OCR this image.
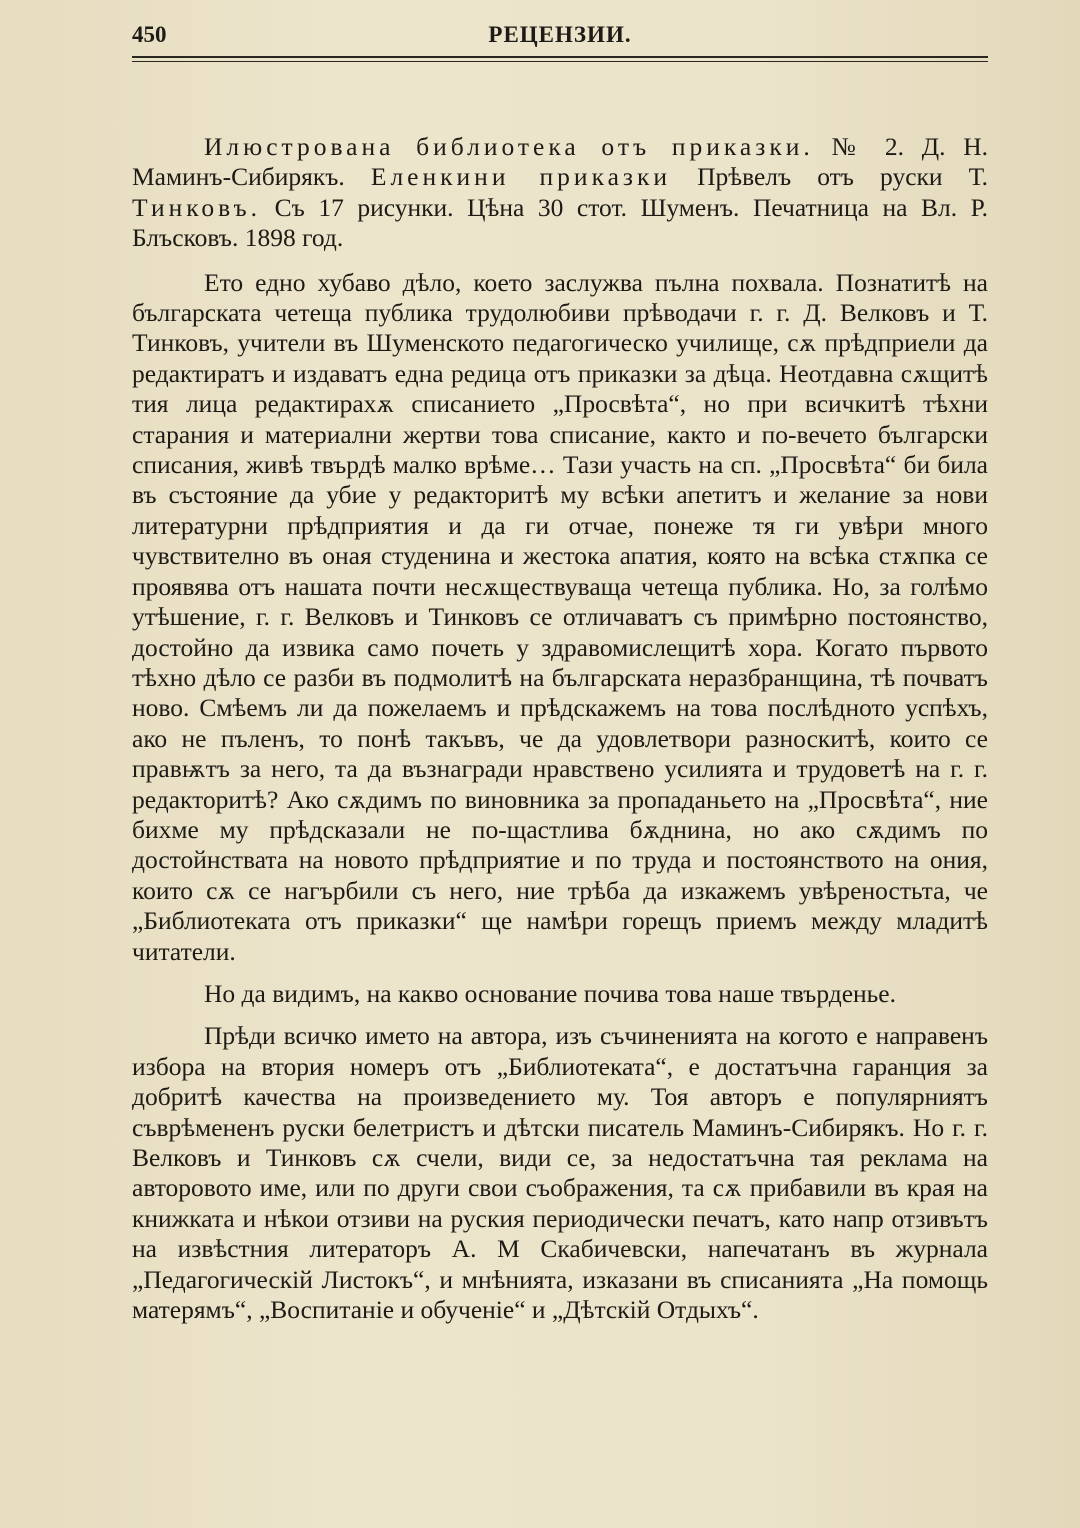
450	РЕЦЕНЗИИ.

Илюстрована библиотека отъ приказки. № 2. Д. Н. Маминъ-Сибирякъ. Еленкини приказки Прѣвелъ отъ руски Т. Тинковъ. Съ 17 рисунки. Цѣна 30 стот. Шуменъ. Печатница на Вл. Р. Блъсковъ. 1898 год.

Ето едно хубаво дѣло, което заслужва пълна похвала. Познатитѣ на българската четеща публика трудолюбиви прѣводачи г. г. Д. Велковъ и Т. Тинковъ, учители въ Шуменското педагогическо училище, сѫ прѣдприели да редактиратъ и издаватъ една редица отъ приказки за дѣца. Неотдавна сѫщитѣ тия лица редактирахѫ списанието „Просвѣта“, но при всичкитѣ тѣхни старания и материални жертви това списание, както и по-вечето български списания, живѣ твърдѣ малко врѣме… Тази участь на сп. „Просвѣта“ би била въ състояние да убие у редакторитѣ му всѣки апетитъ и желание за нови литературни прѣдприятия и да ги отчае, понеже тя ги увѣри много чувствително въ оная студенина и жестока апатия, която на всѣка стѫпка се проявява отъ нашата почти несѫществуваща четеща публика. Но, за голѣмо утѣшение, г. г. Велковъ и Тинковъ се отличаватъ съ примѣрно постоянство, достойно да извика само почеть у здравомислещитѣ хора. Когато първото тѣхно дѣло се разби въ подмолитѣ на българската неразбранщина, тѣ почватъ ново. Смѣемъ ли да пожелаемъ и прѣдскажемъ на това послѣдното успѣхъ, ако не пъленъ, то понѣ такъвъ, че да удовлетвори разноскитѣ, които се правѭтъ за него, та да възнагради нравствено усилията и трудоветѣ на г. г. редакторитѣ? Ако сѫдимъ по виновника за пропаданьето на „Просвѣта“, ние бихме му прѣдсказали не по-щастлива бѫднина, но ако сѫдимъ по достойнствата на новото прѣдприятие и по труда и постоянството на ония, които сѫ се нагърбили съ него, ние трѣба да изкажемъ увѣреностьта, че „Библиотеката отъ приказки“ ще намѣри горещъ приемъ между младитѣ читатели.

Но да видимъ, на какво основание почива това наше твърденье.

Прѣди всичко името на автора, изъ съчиненията на когото е направенъ избора на втория номеръ отъ „Библиотеката“, е достатъчна гаранция за добритѣ качества на произведението му. Тоя авторъ е популярниятъ съврѣмененъ руски белетристъ и дѣтски писатель Маминъ-Сибирякъ. Но г. г. Велковъ и Тинковъ сѫ счели, види се, за недостатъчна тая реклама на авторовото име, или по други свои съображения, та сѫ прибавили въ края на книжката и нѣкои отзиви на руския периодически печатъ, като напр отзивътъ на извѣстния литераторъ А. М Скабичевски, напечатанъ въ журнала „Педагогическiй Листокъ“, и мнѣнията, изказани въ списанията „На помощь матерямъ“, „Воспитанiе и обученiе“ и „Дѣтскiй Отдыхъ“.
